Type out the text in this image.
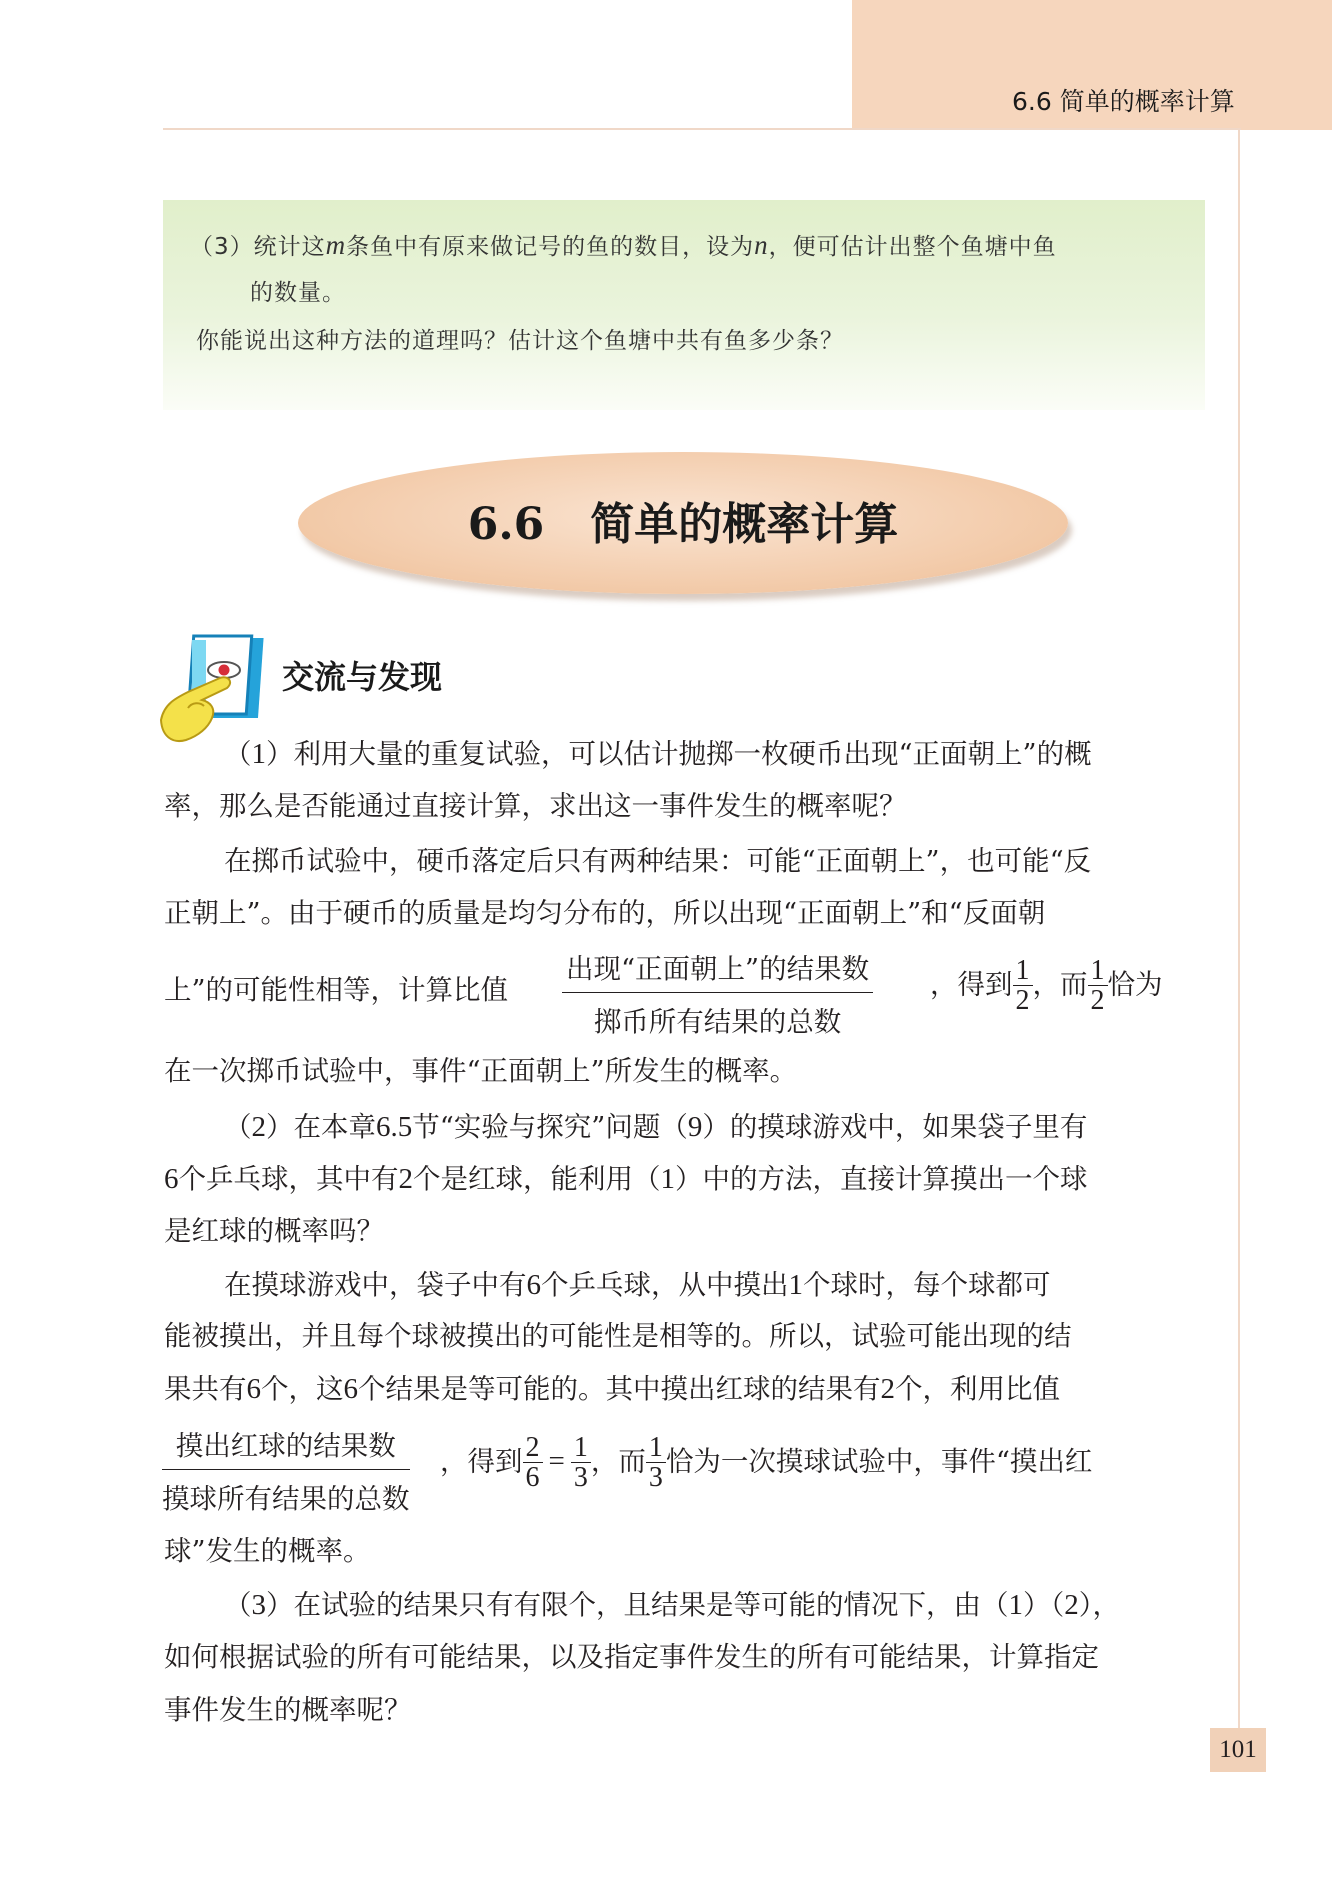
6.6 简单的概率计算
（3）统计这m条鱼中有原来做记号的鱼的数目，设为n，便可估计出整个鱼塘中鱼
的数量。
你能说出这种方法的道理吗？估计这个鱼塘中共有鱼多少条？
6.6 简单的概率计算
交流与发现
（1）利用大量的重复试验，可以估计抛掷一枚硬币出现“正面朝上”的概
率，那么是否能通过直接计算，求出这一事件发生的概率呢？
在掷币试验中，硬币落定后只有两种结果：可能“正面朝上”，也可能“反
正朝上”。由于硬币的质量是均匀分布的，所以出现“正面朝上”和“反面朝
上”的可能性相等，计算比值
出现“正面朝上”的结果数
掷币所有结果的总数
，得到 $\frac{1}{2}$ ，而 $\frac{1}{2}$ 恰为
在一次掷币试验中，事件“正面朝上”所发生的概率。
（2）在本章6.5节“实验与探究”问题（9）的摸球游戏中，如果袋子里有
6个乒乓球，其中有2个是红球，能利用（1）中的方法，直接计算摸出一个球
是红球的概率吗？
在摸球游戏中，袋子中有6个乒乓球，从中摸出1个球时，每个球都可
能被摸出，并且每个球被摸出的可能性是相等的。所以，试验可能出现的结
果共有6个，这6个结果是等可能的。其中摸出红球的结果有2个，利用比值
摸出红球的结果数
摸球所有结果的总数
，得到 $\frac{2}{6} = \frac{1}{3}$ ，而 $\frac{1}{3}$ 恰为一次摸球试验中，事件“摸出红
球”发生的概率。
（3）在试验的结果只有有限个，且结果是等可能的情况下，由（1）（2），
如何根据试验的所有可能结果，以及指定事件发生的所有可能结果，计算指定
事件发生的概率呢？
101
